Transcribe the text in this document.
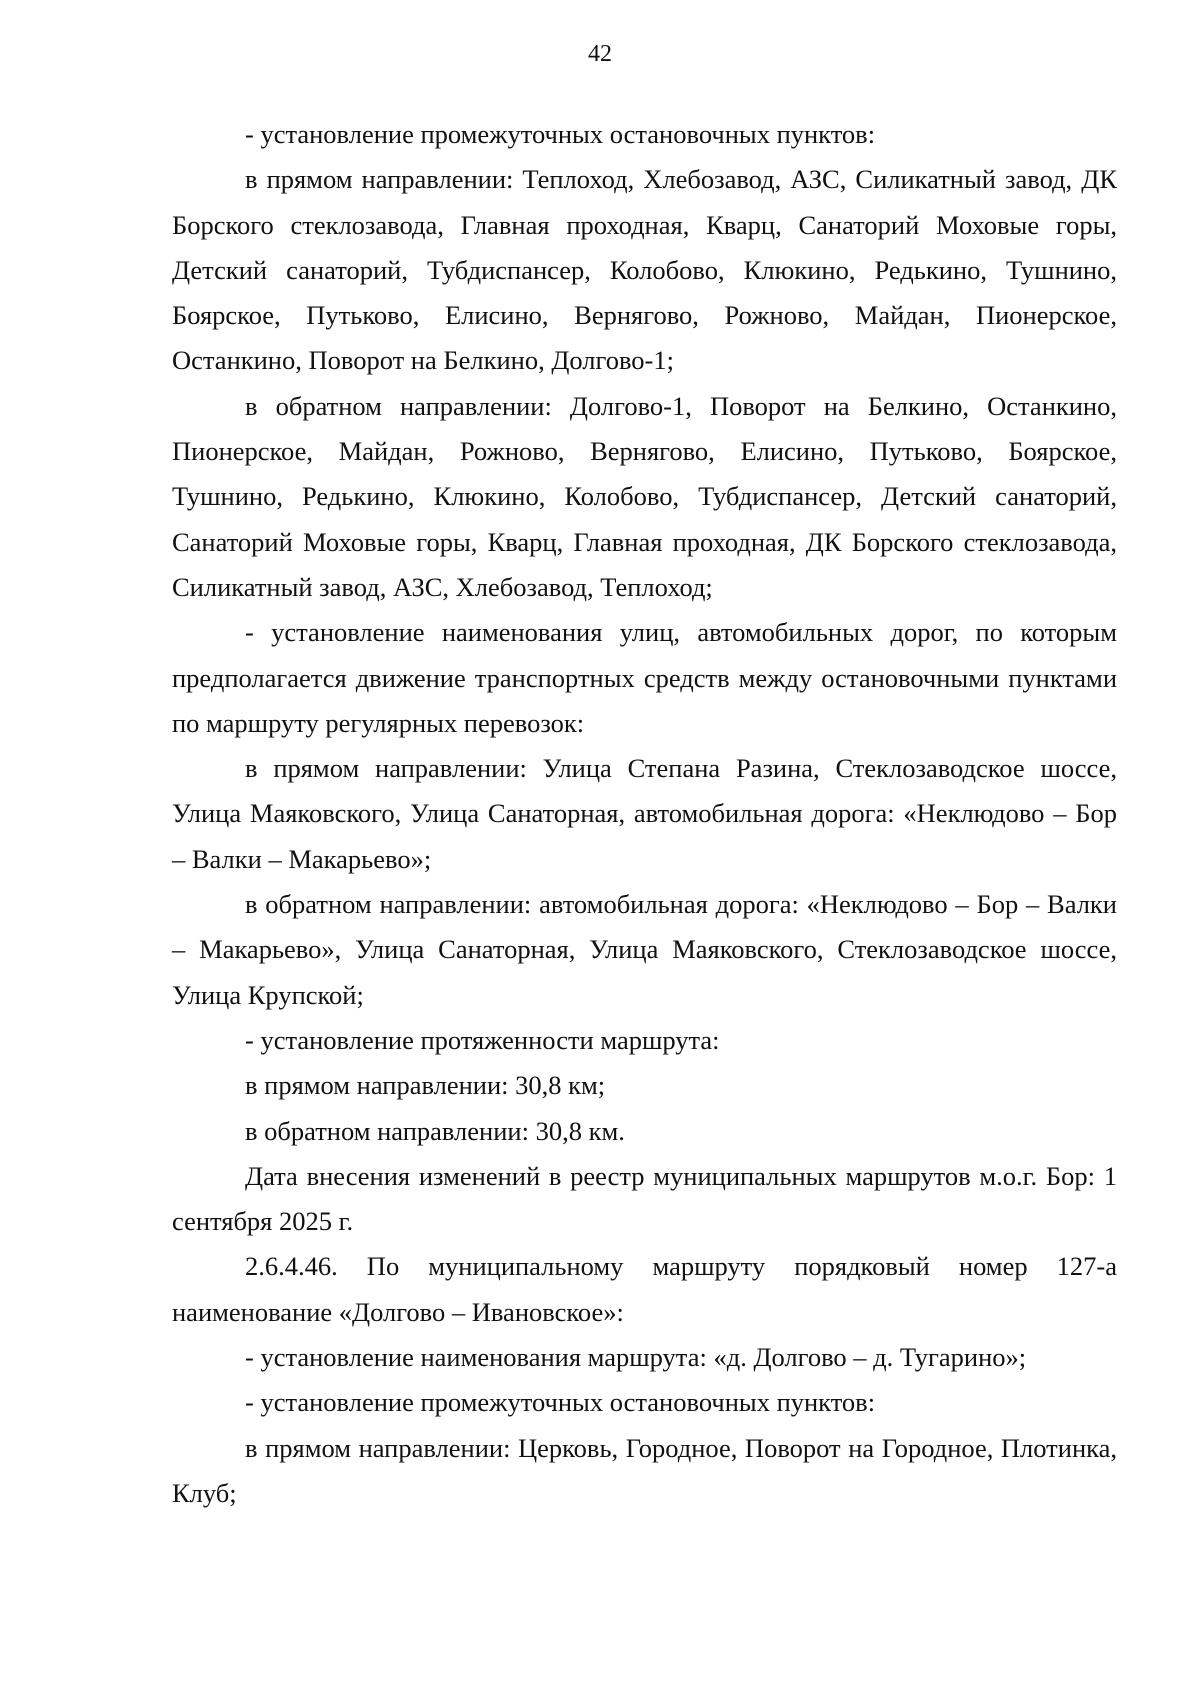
42

- установление промежуточных остановочных пунктов:

в прямом направлении: Теплоход, Хлебозавод, АЗС, Силикатный завод, ДК Борского стеклозавода, Главная проходная, Кварц, Санаторий Моховые горы, Детский санаторий, Тубдиспансер, Колобово, Клюкино, Редькино, Тушнино, Боярское, Путьково, Елисино, Вернягово, Рожново, Майдан, Пионерское, Останкино, Поворот на Белкино, Долгово-1;

в обратном направлении: Долгово-1, Поворот на Белкино, Останкино, Пионерское, Майдан, Рожново, Вернягово, Елисино, Путьково, Боярское, Тушнино, Редькино, Клюкино, Колобово, Тубдиспансер, Детский санаторий, Санаторий Моховые горы, Кварц, Главная проходная, ДК Борского стеклозавода, Силикатный завод, АЗС, Хлебозавод, Теплоход;

- установление наименования улиц, автомобильных дорог, по которым предполагается движение транспортных средств между остановочными пунктами по маршруту регулярных перевозок:

в прямом направлении: Улица Степана Разина, Стеклозаводское шоссе, Улица Маяковского, Улица Санаторная, автомобильная дорога: «Неклюдово – Бор – Валки – Макарьево»;

в обратном направлении: автомобильная дорога: «Неклюдово – Бор – Валки – Макарьево», Улица Санаторная, Улица Маяковского, Стеклозаводское шоссе, Улица Крупской;

- установление протяженности маршрута:

в прямом направлении: 30,8 км;

в обратном направлении: 30,8 км.

Дата внесения изменений в реестр муниципальных маршрутов м.о.г. Бор: 1 сентября 2025 г.

2.6.4.46. По муниципальному маршруту порядковый номер 127-а наименование «Долгово – Ивановское»:

- установление наименования маршрута: «д. Долгово – д. Тугарино»;

- установление промежуточных остановочных пунктов:

в прямом направлении: Церковь, Городное, Поворот на Городное, Плотинка, Клуб;
